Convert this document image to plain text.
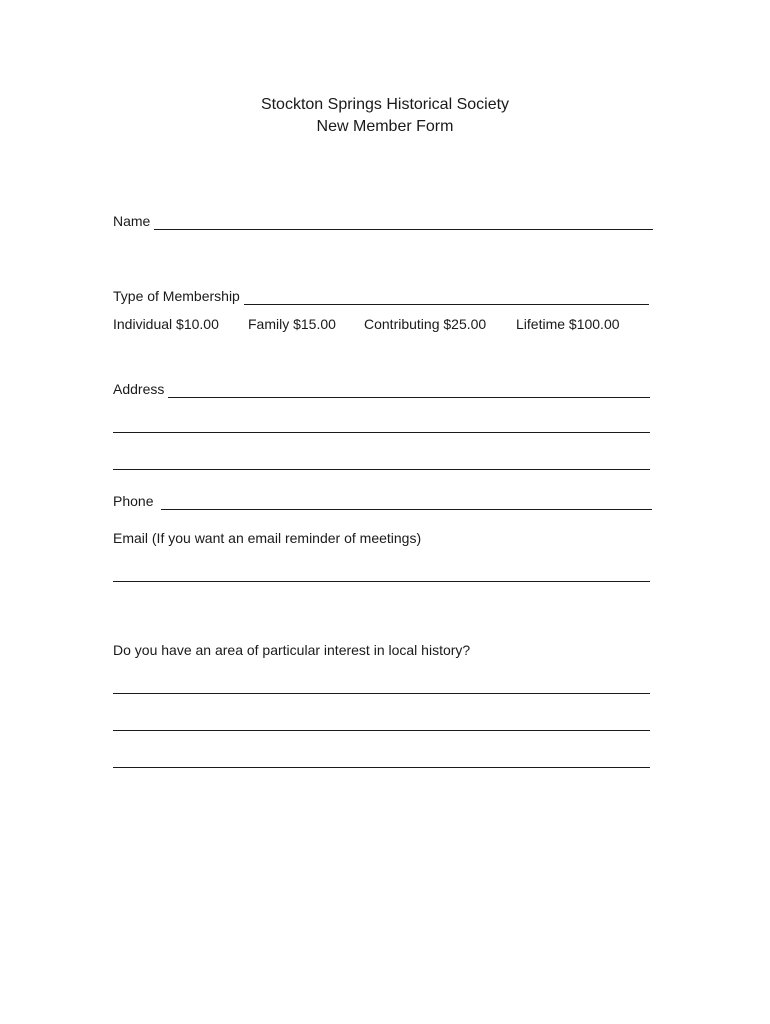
Stockton Springs Historical Society
New Member Form
Name
Type of Membership
Individual $10.00 Family $15.00 Contributing $25.00 Lifetime $100.00
Address
Phone
Email (If you want an email reminder of meetings)
Do you have an area of particular interest in local history?
